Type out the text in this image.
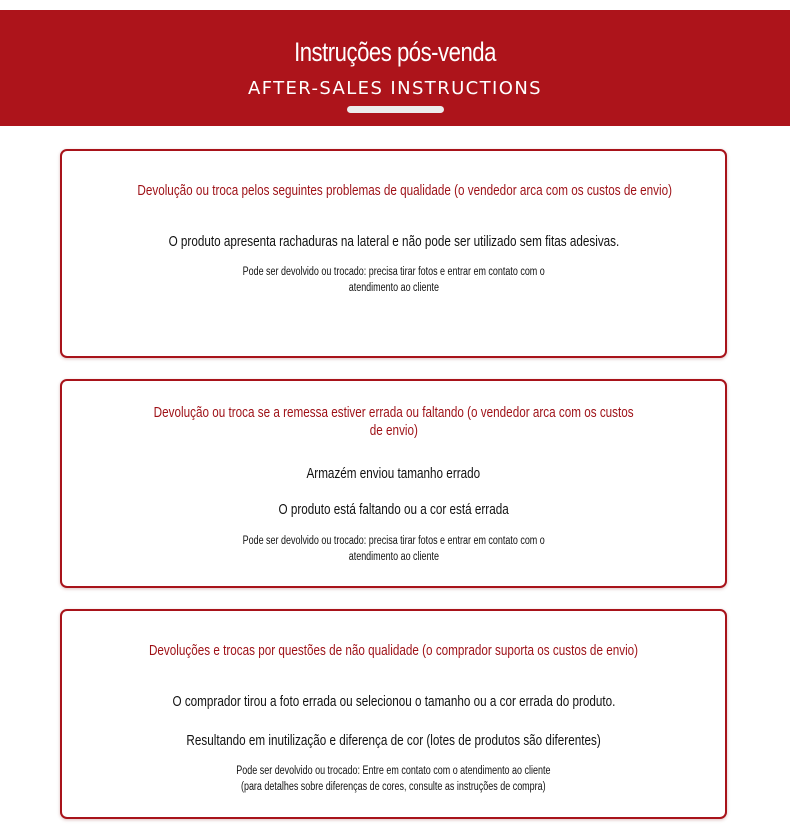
Instruções pós-venda
AFTER-SALES INSTRUCTIONS
Devolução ou troca pelos seguintes problemas de qualidade (o vendedor arca com os custos de envio)
O produto apresenta rachaduras na lateral e não pode ser utilizado sem fitas adesivas.
Pode ser devolvido ou trocado: precisa tirar fotos e entrar em contato com o
atendimento ao cliente
Devolução ou troca se a remessa estiver errada ou faltando (o vendedor arca com os custos
de envio)
Armazém enviou tamanho errado
O produto está faltando ou a cor está errada
Pode ser devolvido ou trocado: precisa tirar fotos e entrar em contato com o
atendimento ao cliente
Devoluções e trocas por questões de não qualidade (o comprador suporta os custos de envio)
O comprador tirou a foto errada ou selecionou o tamanho ou a cor errada do produto.
Resultando em inutilização e diferença de cor (lotes de produtos são diferentes)
Pode ser devolvido ou trocado: Entre em contato com o atendimento ao cliente
(para detalhes sobre diferenças de cores, consulte as instruções de compra)
